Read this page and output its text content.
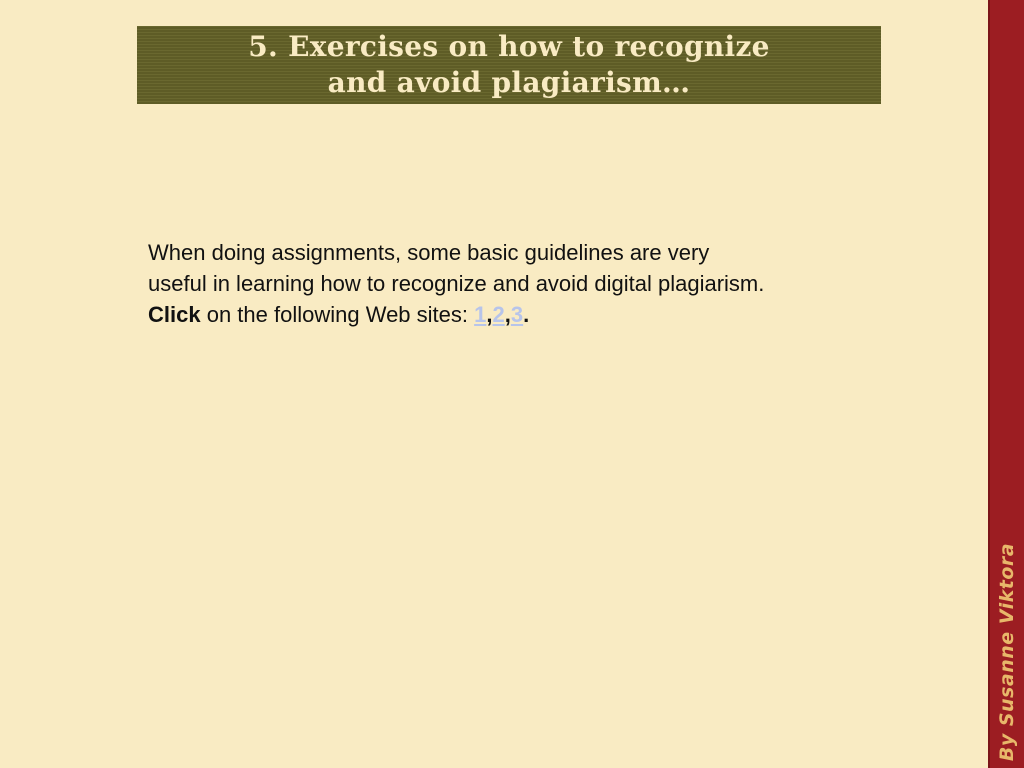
5. Exercises on how to recognize
and avoid plagiarism…

When doing assignments, some basic guidelines are very

useful in learning how to recognize and avoid digital plagiarism.

Click on the following Web sites: 1,2,3.

By Susanne Viktora
